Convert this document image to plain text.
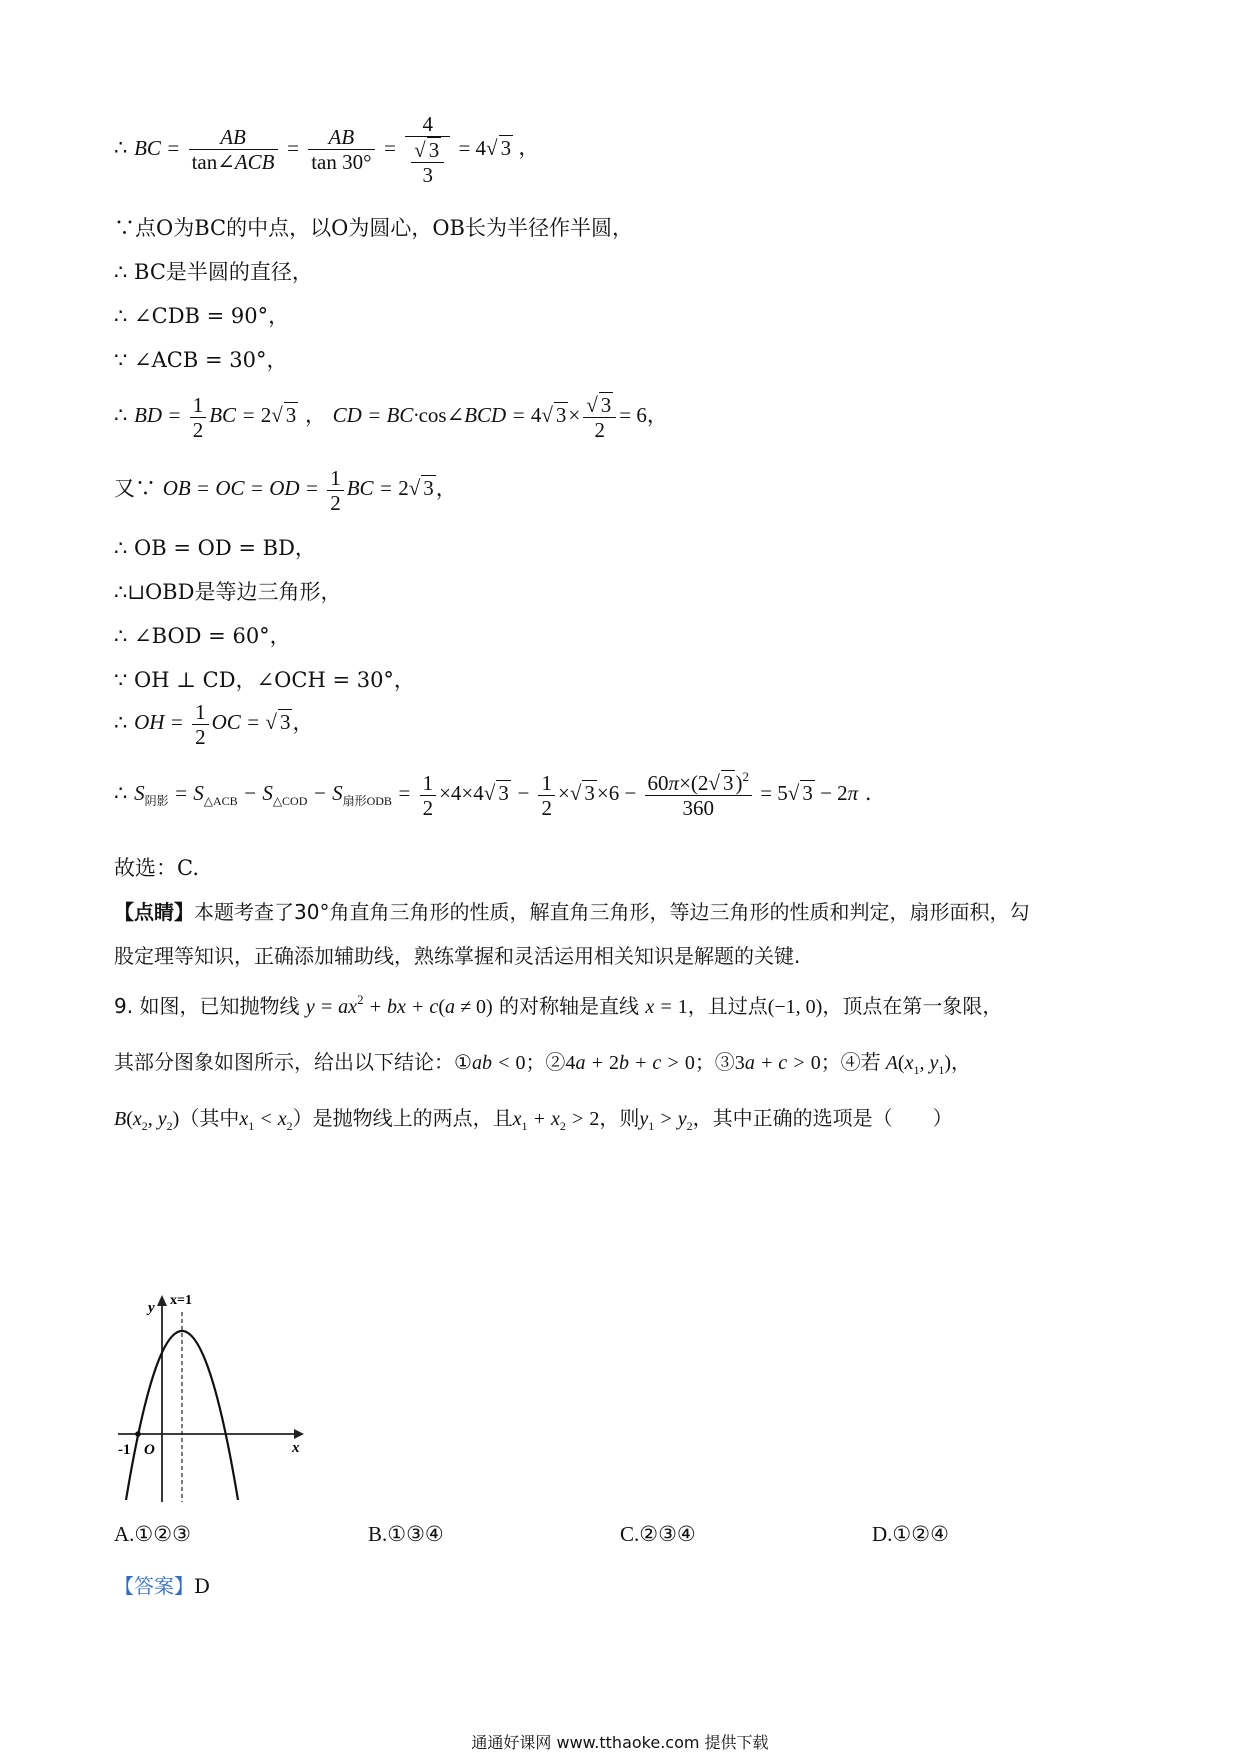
∴ BC = $\frac{AB}{\text{tan∠ACB}} = \frac{AB}{\tan 30^\circ} = 4$
√ $\frac{3}{3} = 4√$ 3 ，
∵点O为BC的中点，以O为圆心，OB长为半径作半圆，
∴ BC是半圆的直径，
∴ ∠CDB = 90°，
∵ ∠ACB = 30°，
∴ BD = $\frac{1}{2}$ BC = 2√ 3 ， CD = BC·cos∠BCD = 4√ 3×
√ $\frac{3}{2} = 6$，
又∵ OB = OC = OD = $\frac{1}{2}$ BC = 2√ 3，
∴ OB = OD = BD，
∴⊔OBD是等边三角形，
∴ ∠BOD = 60°，
∵ OH ⊥ CD，∠OCH = 30°，
∴ OH = $\frac{1}{2}$ OC = √ 3，
∴ $S_{阴影} = S_{\triangle ACB} - S_{\triangle COD} - S_{扇形ODB} = \frac{1}{2} \times 4\times 4√$ $3 - \frac{1}{2}$ ×√ $3\times 6 - \frac{60\pi\times(2√ 3)^2}{360} = 5√$ 3 − 2π .
故选：C.
【点睛】本题考查了30°角直角三角形的性质，解直角三角形，等边三角形的性质和判定，扇形面积，勾
股定理等知识，正确添加辅助线，熟练掌握和灵活运用相关知识是解题的关键.
9. 如图，已知抛物线 $y = ax^2$ + bx + c(a ≠ 0) 的对称轴是直线 x = 1，且过点(−1, 0)，顶点在第一象限，
其部分图象如图所示，给出以下结论：①ab < 0；②4a + 2b + c > 0；③3a + c > 0；④若 $A(x_1$, $y_1$)，
$B(x_2$, $y_2$)（其中$x_1 < x_2$）是抛物线上的两点，且$x_1 + x_2 > 2$，则$y_1 > y_2$，其中正确的选项是（　　）
y
x
x=1
-1 O
A.①②③	B.①③④	C.②③④	D.①②④
【答案】D
通通好课网 www.tthaoke.com 提供下载
